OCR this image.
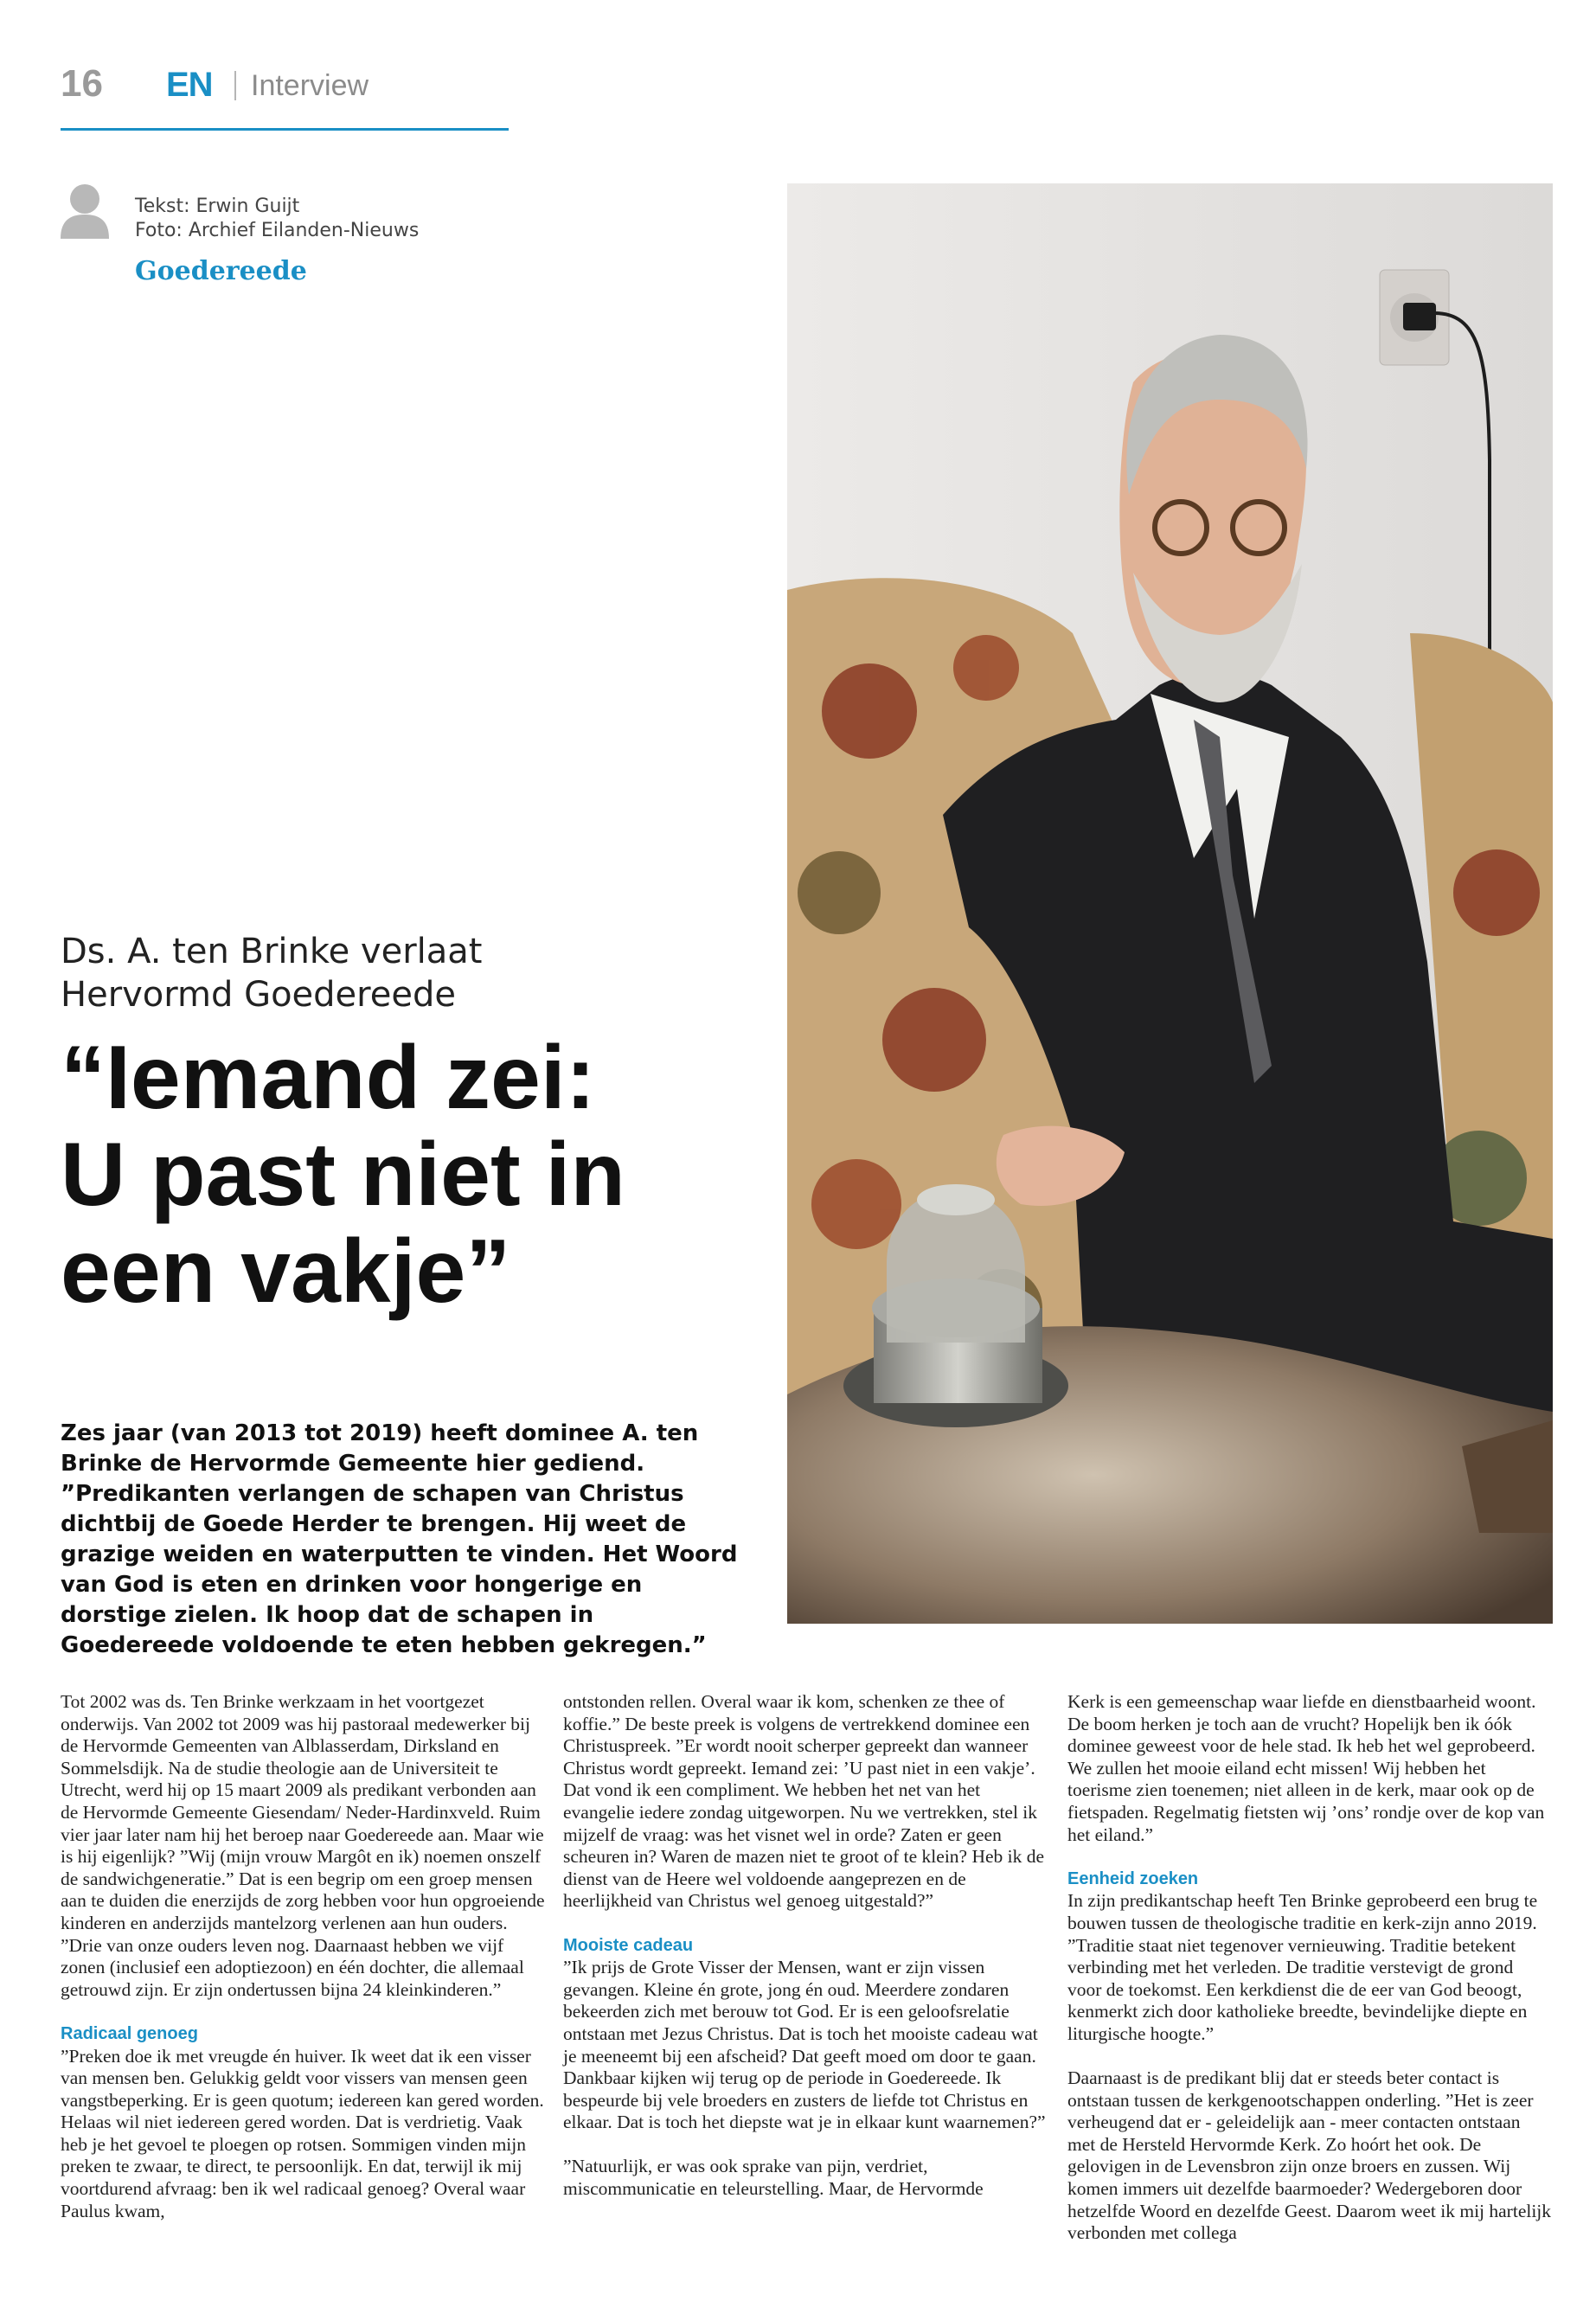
16 EN Interview
Tekst: Erwin Guijt
Foto: Archief Eilanden-Nieuws
Goedereede
Ds. A. ten Brinke verlaat
Hervormd Goedereede
“Iemand zei:
U past niet in
een vakje”
Zes jaar (van 2013 tot 2019) heeft dominee A. ten Brinke de Hervormde Gemeente hier gediend. ”Predikanten verlangen de schapen van Christus dichtbij de Goede Herder te brengen. Hij weet de grazige weiden en waterputten te vinden. Het Woord van God is eten en drinken voor hongerige en dorstige zielen. Ik hoop dat de schapen in Goedereede voldoende te eten hebben gekregen.”

Tot 2002 was ds. Ten Brinke werkzaam in het voortgezet onderwijs. Van 2002 tot 2009 was hij pastoraal medewerker bij de Hervormde Gemeenten van Alblasserdam, Dirksland en Sommelsdijk. Na de studie theologie aan de Universiteit te Utrecht, werd hij op 15 maart 2009 als predikant verbonden aan de Hervormde Gemeente Giesendam/ Neder-Hardinxveld. Ruim vier jaar later nam hij het beroep naar Goedereede aan. Maar wie is hij eigenlijk? ”Wij (mijn vrouw Margôt en ik) noemen onszelf de sandwichgeneratie.” Dat is een begrip om een groep mensen aan te duiden die enerzijds de zorg hebben voor hun opgroeiende kinderen en anderzijds mantelzorg verlenen aan hun ouders. ”Drie van onze ouders leven nog. Daarnaast hebben we vijf zonen (inclusief een adoptiezoon) en één dochter, die allemaal getrouwd zijn. Er zijn ondertussen bijna 24 kleinkinderen.”

Radicaal genoeg

”Preken doe ik met vreugde én huiver. Ik weet dat ik een visser van mensen ben. Gelukkig geldt voor vissers van mensen geen vangstbeperking. Er is geen quotum; iedereen kan gered worden. Helaas wil niet iedereen gered worden. Dat is verdrietig. Vaak heb je het gevoel te ploegen op rotsen. Sommigen vinden mijn preken te zwaar, te direct, te persoonlijk. En dat, terwijl ik mij voortdurend afvraag: ben ik wel radicaal genoeg? Overal waar Paulus kwam,

ontstonden rellen. Overal waar ik kom, schenken ze thee of koffie.” De beste preek is volgens de vertrekkend dominee een Christuspreek. ”Er wordt nooit scherper gepreekt dan wanneer Christus wordt gepreekt. Iemand zei: ’U past niet in een vakje’. Dat vond ik een compliment. We hebben het net van het evangelie iedere zondag uitgeworpen. Nu we vertrekken, stel ik mijzelf de vraag: was het visnet wel in orde? Zaten er geen scheuren in? Waren de mazen niet te groot of te klein? Heb ik de dienst van de Heere wel voldoende aangeprezen en de heerlijkheid van Christus wel genoeg uitgestald?”

Mooiste cadeau

”Ik prijs de Grote Visser der Mensen, want er zijn vissen gevangen. Kleine én grote, jong én oud. Meerdere zondaren bekeerden zich met berouw tot God. Er is een geloofsrelatie ontstaan met Jezus Christus. Dat is toch het mooiste cadeau wat je meeneemt bij een afscheid? Dat geeft moed om door te gaan. Dankbaar kijken wij terug op de periode in Goedereede. Ik bespeurde bij vele broeders en zusters de liefde tot Christus en elkaar. Dat is toch het diepste wat je in elkaar kunt waarnemen?”

”Natuurlijk, er was ook sprake van pijn, verdriet, miscommunicatie en teleurstelling. Maar, de Hervormde

Kerk is een gemeenschap waar liefde en dienstbaarheid woont. De boom herken je toch aan de vrucht? Hopelijk ben ik óók dominee geweest voor de hele stad. Ik heb het wel geprobeerd. We zullen het mooie eiland echt missen! Wij hebben het toerisme zien toenemen; niet alleen in de kerk, maar ook op de fietspaden. Regelmatig fietsten wij ’ons’ rondje over de kop van het eiland.”

Eenheid zoeken

In zijn predikantschap heeft Ten Brinke geprobeerd een brug te bouwen tussen de theologische traditie en kerk-zijn anno 2019. ”Traditie staat niet tegenover vernieuwing. Traditie betekent verbinding met het verleden. De traditie verstevigt de grond voor de toekomst. Een kerkdienst die de eer van God beoogt, kenmerkt zich door katholieke breedte, bevindelijke diepte en liturgische hoogte.”

Daarnaast is de predikant blij dat er steeds beter contact is ontstaan tussen de kerkgenootschappen onderling. ”Het is zeer verheugend dat er - geleidelijk aan - meer contacten ontstaan met de Hersteld Hervormde Kerk. Zo hoórt het ook. De gelovigen in de Levensbron zijn onze broers en zussen. Wij komen immers uit dezelfde baarmoeder? Wedergeboren door hetzelfde Woord en dezelfde Geest. Daarom weet ik mij hartelijk verbonden met collega
